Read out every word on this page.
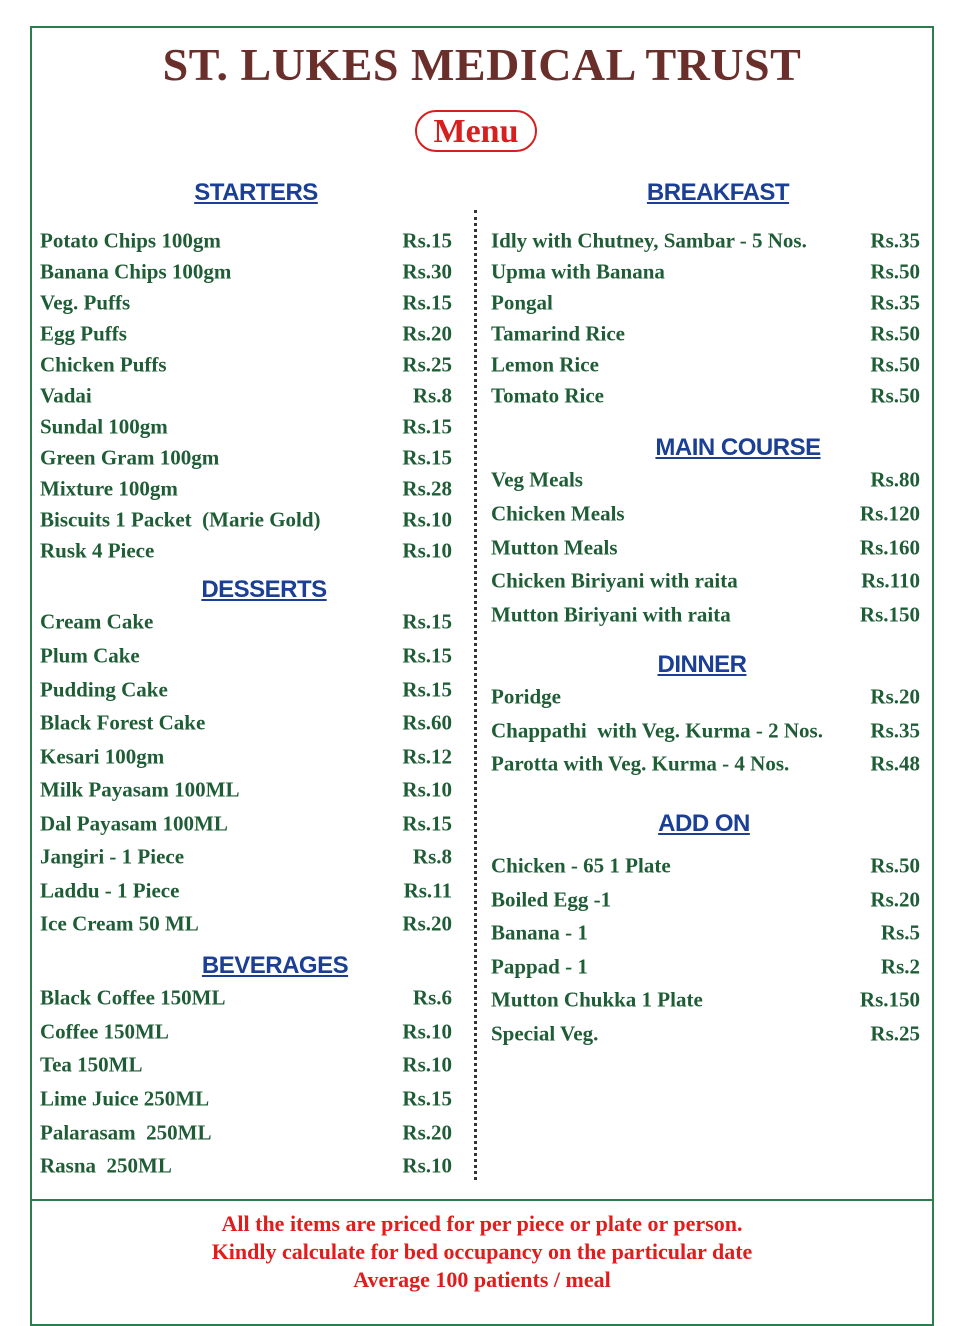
ST. LUKES MEDICAL TRUST
Menu
STARTERS
Potato Chips 100gm	Rs.15
Banana Chips 100gm	Rs.30
Veg. Puffs	Rs.15
Egg Puffs	Rs.20
Chicken Puffs	Rs.25
Vadai	Rs.8
Sundal 100gm	Rs.15
Green Gram 100gm	Rs.15
Mixture 100gm	Rs.28
Biscuits 1 Packet  (Marie Gold)	Rs.10
Rusk 4 Piece	Rs.10
DESSERTS
Cream Cake	Rs.15
Plum Cake	Rs.15
Pudding Cake	Rs.15
Black Forest Cake	Rs.60
Kesari 100gm	Rs.12
Milk Payasam 100ML	Rs.10
Dal Payasam 100ML	Rs.15
Jangiri - 1 Piece	Rs.8
Laddu - 1 Piece	Rs.11
Ice Cream 50 ML	Rs.20
BEVERAGES
Black Coffee 150ML	Rs.6
Coffee 150ML	Rs.10
Tea 150ML	Rs.10
Lime Juice 250ML	Rs.15
Palarasam  250ML	Rs.20
Rasna  250ML	Rs.10
BREAKFAST
Idly with Chutney, Sambar - 5 Nos.	Rs.35
Upma with Banana	Rs.50
Pongal	Rs.35
Tamarind Rice	Rs.50
Lemon Rice	Rs.50
Tomato Rice	Rs.50
MAIN COURSE
Veg Meals	Rs.80
Chicken Meals	Rs.120
Mutton Meals	Rs.160
Chicken Biriyani with raita	Rs.110
Mutton Biriyani with raita	Rs.150
DINNER
Poridge	Rs.20
Chappathi  with Veg. Kurma - 2 Nos. Rs.35
Parotta with Veg. Kurma - 4 Nos.	Rs.48
ADD ON
Chicken - 65 1 Plate	Rs.50
Boiled Egg -1	Rs.20
Banana - 1	Rs.5
Pappad - 1	Rs.2
Mutton Chukka 1 Plate	Rs.150
Special Veg.	Rs.25
All the items are priced for per piece or plate or person.
Kindly calculate for bed occupancy on the particular date
Average 100 patients / meal
